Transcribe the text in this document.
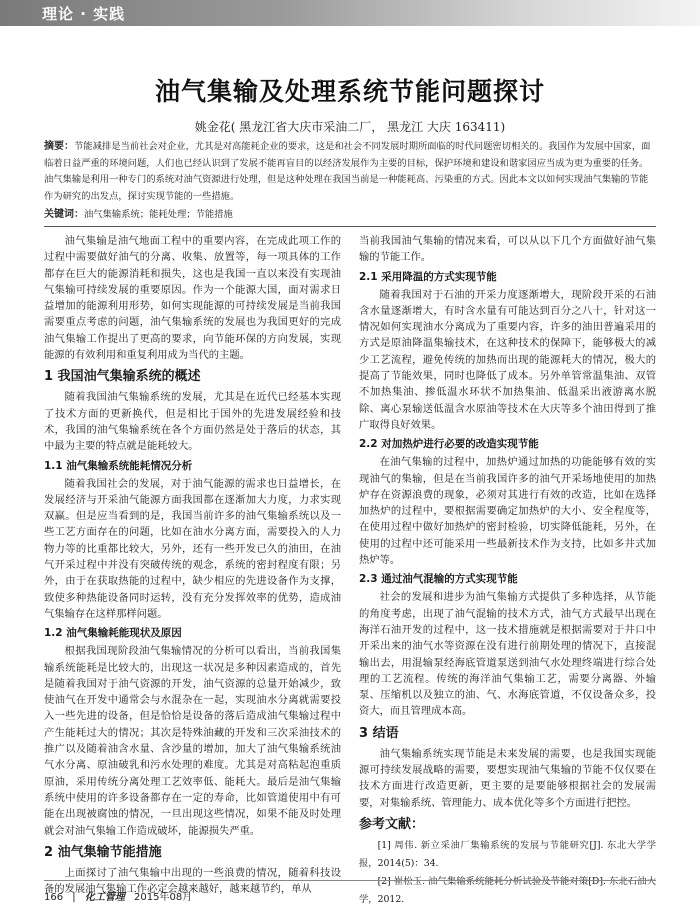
理论 · 实践
油气集输及处理系统节能问题探讨
姚金花( 黑龙江省大庆市采油二厂， 黑龙江 大庆 163411)
摘要：节能减排是当前社会对企业，尤其是对高能耗企业的要求，这是和社会不同发展时期所面临的时代问题密切相关的。我国作为发展中国家，面临着日益严重的环境问题，人们也已经认识到了发展不能再盲目的以经济发展作为主要的目标，保护环境和建设和谐家园应当成为更为重要的任务。油气集输是利用一种专门的系统对油气资源进行处理，但是这种处理在我国当前是一种能耗高、污染重的方式。因此本文以如何实现油气集输的节能作为研究的出发点，探讨实现节能的一些措施。
关键词：油气集输系统；能耗处理；节能措施

油气集输是油气地面工程中的重要内容，在完成此项工作的过程中需要做好油气的分离、收集、放置等，每一项具体的工作都存在巨大的能源消耗和损失，这也是我国一直以来没有实现油气集输可持续发展的重要原因。作为一个能源大国，面对需求日益增加的能源利用形势，如何实现能源的可持续发展是当前我国需要重点考虑的问题，油气集输系统的发展也为我国更好的完成油气集输工作提出了更高的要求，向节能环保的方向发展，实现能源的有效利用和重复利用成为当代的主题。

1 我国油气集输系统的概述

随着我国油气集输系统的发展，尤其是在近代已经基本实现了技术方面的更新换代，但是相比于国外的先进发展经验和技术，我国的油气集输系统在各个方面仍然是处于落后的状态，其中最为主要的特点就是能耗较大。

1.1 油气集输系统能耗情况分析

随着我国社会的发展，对于油气能源的需求也日益增长，在发展经济与开采油气能源方面我国都在逐渐加大力度，力求实现双赢。但是应当看到的是，我国当前许多的油气集输系统以及一些工艺方面存在的问题，比如在油水分离方面，需要投入的人力物力等的比重都比较大，另外，还有一些开发已久的油田，在油气开采过程中并没有突破传统的观念，系统的密封程度有限；另外，由于在获取热能的过程中，缺少相应的先进设备作为支撑，致使多种热能设备同时运转，没有充分发挥效率的优势，造成油气集输存在这样那样问题。

1.2 油气集输耗能现状及原因

根据我国现阶段油气集输情况的分析可以看出，当前我国集输系统能耗是比较大的，出现这一状况是多种因素造成的，首先是随着我国对于油气资源的开发，油气资源的总量开始减少，致使油气在开发中通常会与水混杂在一起，实现油水分离就需要投入一些先进的设备，但是恰恰是设备的落后造成油气集输过程中产生能耗过大的情况；其次是特殊油藏的开发和三次采油技术的推广以及随着油含水量、含沙量的增加，加大了油气集输系统油气水分离、原油破乳和污水处理的难度。尤其是对高粘起泡重质原油，采用传统分离处理工艺效率低、能耗大。最后是油气集输系统中使用的许多设备都存在一定的寿命，比如管道使用中有可能在出现被腐蚀的情况，一旦出现这些情况，如果不能及时处理就会对油气集输工作造成破坏，能源损失严重。

2 油气集输节能措施

上面探讨了油气集输中出现的一些浪费的情况，随着科技设备的发展油气集输工作必定会越来越好，越来越节约，单从

当前我国油气集输的情况来看，可以从以下几个方面做好油气集输的节能工作。

2.1 采用降温的方式实现节能

随着我国对于石油的开采力度逐渐增大，现阶段开采的石油含水量逐渐增大，有时含水量有可能达到百分之八十，针对这一情况如何实现油水分离成为了重要内容，许多的油田普遍采用的方式是原油降温集输技术，在这种技术的保障下，能够极大的减少工艺流程，避免传统的加热而出现的能源耗大的情况，极大的提高了节能效果，同时也降低了成本。另外单管常温集油、双管不加热集油、掺低温水环状不加热集油、低温采出液游离水脱除、离心泵输送低温含水原油等技术在大庆等多个油田得到了推广取得良好效果。

2.2 对加热炉进行必要的改造实现节能

在油气集输的过程中，加热炉通过加热的功能能够有效的实现油气的集输，但是在当前我国许多的油气开采场地使用的加热炉存在资源浪费的现象，必须对其进行有效的改造，比如在选择加热炉的过程中，要根据需要确定加热炉的大小、安全程度等，在使用过程中做好加热炉的密封检验，切实降低能耗，另外，在使用的过程中还可能采用一些最新技术作为支持，比如多井式加热炉等。

2.3 通过油气混输的方式实现节能

社会的发展和进步为油气集输方式提供了多种选择，从节能的角度考虑，出现了油气混输的技术方式，油气方式最早出现在海洋石油开发的过程中，这一技术措施就是根据需要对于井口中开采出来的油气水等资源在没有进行前期处理的情况下，直接混输出去，用混输泵经海底管道泵送到油气水处理终端进行综合处理的工艺流程。传统的海洋油气集输工艺，需要分离器、外输泵、压缩机以及独立的油、气、水海底管道，不仅设备众多，投资大，而且管理成本高。

3 结语

油气集输系统实现节能是未来发展的需要，也是我国实现能源可持续发展战略的需要，要想实现油气集输的节能不仅仅要在技术方面进行改造更新，更主要的是要能够根据社会的发展需要，对集输系统、管理能力、成本优化等多个方面进行把控。

参考文献：

[1] 周伟. 新立采油厂集输系统的发展与节能研究[J]. 东北大学学报，2014(5)：34.

[2] 崔松玉. 油气集输系统能耗分析试验及节能对策[D]. 东北石油大学，2012.

166 | 化工管理 2015年08月
